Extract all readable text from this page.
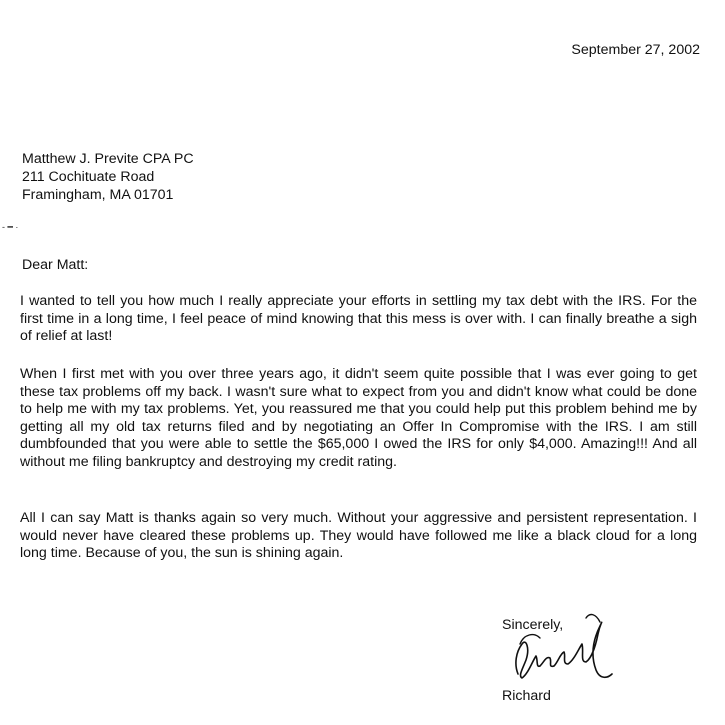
- ━ ·
September 27, 2002
Matthew J. Previte CPA PC
211 Cochituate Road
Framingham, MA 01701
Dear Matt:

I wanted to tell you how much I really appreciate your efforts in settling my tax debt with the IRS. For the first time in a long time, I feel peace of mind knowing that this mess is over with. I can finally breathe a sigh of relief at last!

When I first met with you over three years ago, it didn't seem quite possible that I was ever going to get these tax problems off my back. I wasn't sure what to expect from you and didn't know what could be done to help me with my tax problems. Yet, you reassured me that you could help put this problem behind me by getting all my old tax returns filed and by negotiating an Offer In Compromise with the IRS. I am still dumbfounded that you were able to settle the $65,000 I owed the IRS for only $4,000. Amazing!!! And all without me filing bankruptcy and destroying my credit rating.

All I can say Matt is thanks again so very much. Without your aggressive and persistent representation. I would never have cleared these problems up. They would have followed me like a black cloud for a long long time. Because of you, the sun is shining again.

Sincerely,
Richard
